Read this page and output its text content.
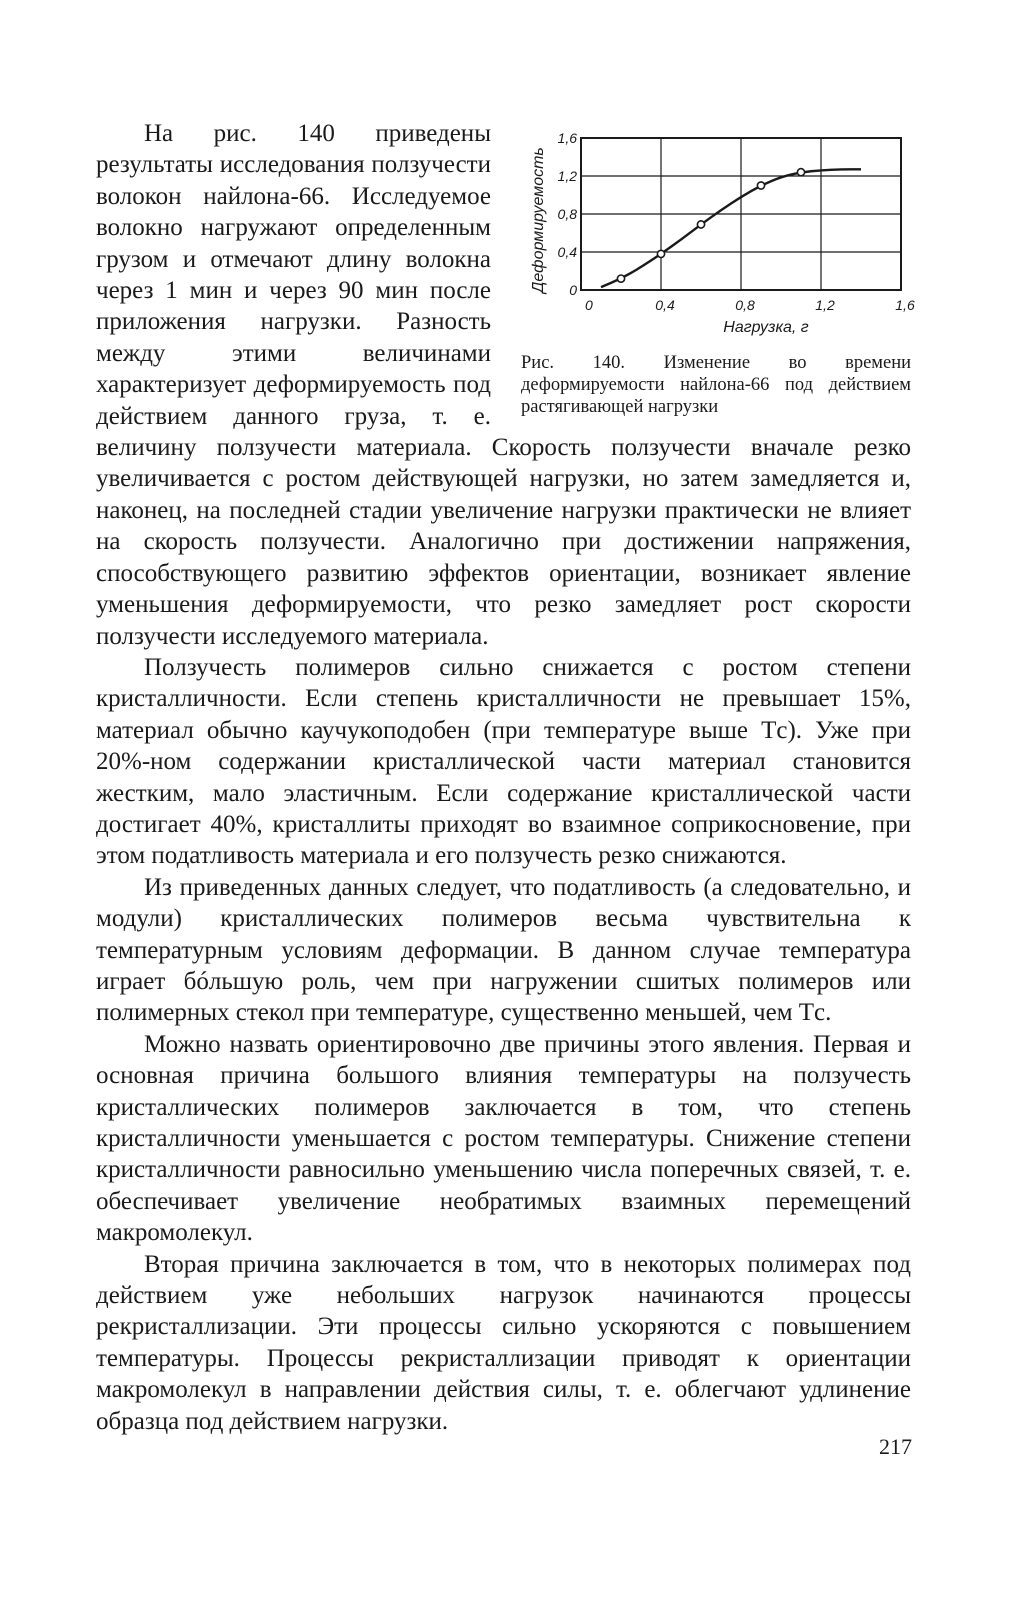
0	0,4	0,8	1,2	1,6
0
0,4
0,8
1,2
1,6
Нагрузка, г
Деформируемость
Рис. 140. Изменение во времени деформируемости найлона-66 под действием растягивающей нагрузки
На рис. 140 приведены результаты исследования ползучести волокон найлона-66. Исследуемое волокно нагружают определенным грузом и отмечают длину волокна через 1 мин и через 90 мин после приложения нагрузки. Разность между этими величинами характеризует деформируемость под действием данного груза, т. е. величину ползучести материала. Скорость ползучести вначале резко увеличивается с ростом действующей нагрузки, но затем замедляется и, наконец, на последней стадии увеличение нагрузки практически не влияет на скорость ползучести. Аналогично при достижении напряжения, способствующего развитию эффектов ориентации, возникает явление уменьшения деформируемости, что резко замедляет рост скорости ползучести исследуемого материала.

Ползучесть полимеров сильно снижается с ростом степени кристалличности. Если степень кристалличности не превышает 15%, материал обычно каучукоподобен (при температуре выше Tс). Уже при 20%-ном содержании кристаллической части материал становится жестким, мало эластичным. Если содержание кристаллической части достигает 40%, кристаллиты приходят во взаимное соприкосновение, при этом податливость материала и его ползучесть резко снижаются.

Из приведенных данных следует, что податливость (а следовательно, и модули) кристаллических полимеров весьма чувствительна к температурным условиям деформации. В данном случае температура играет бóльшую роль, чем при нагружении сшитых полимеров или полимерных стекол при температуре, существенно меньшей, чем Tс.

Можно назвать ориентировочно две причины этого явления. Первая и основная причина большого влияния температуры на ползучесть кристаллических полимеров заключается в том, что степень кристалличности уменьшается с ростом температуры. Снижение степени кристалличности равносильно уменьшению числа поперечных связей, т. е. обеспечивает увеличение необратимых взаимных перемещений макромолекул.

Вторая причина заключается в том, что в некоторых полимерах под действием уже небольших нагрузок начинаются процессы рекристаллизации. Эти процессы сильно ускоряются с повышением температуры. Процессы рекристаллизации приводят к ориентации макромолекул в направлении действия силы, т. е. облегчают удлинение образца под действием нагрузки.

217
